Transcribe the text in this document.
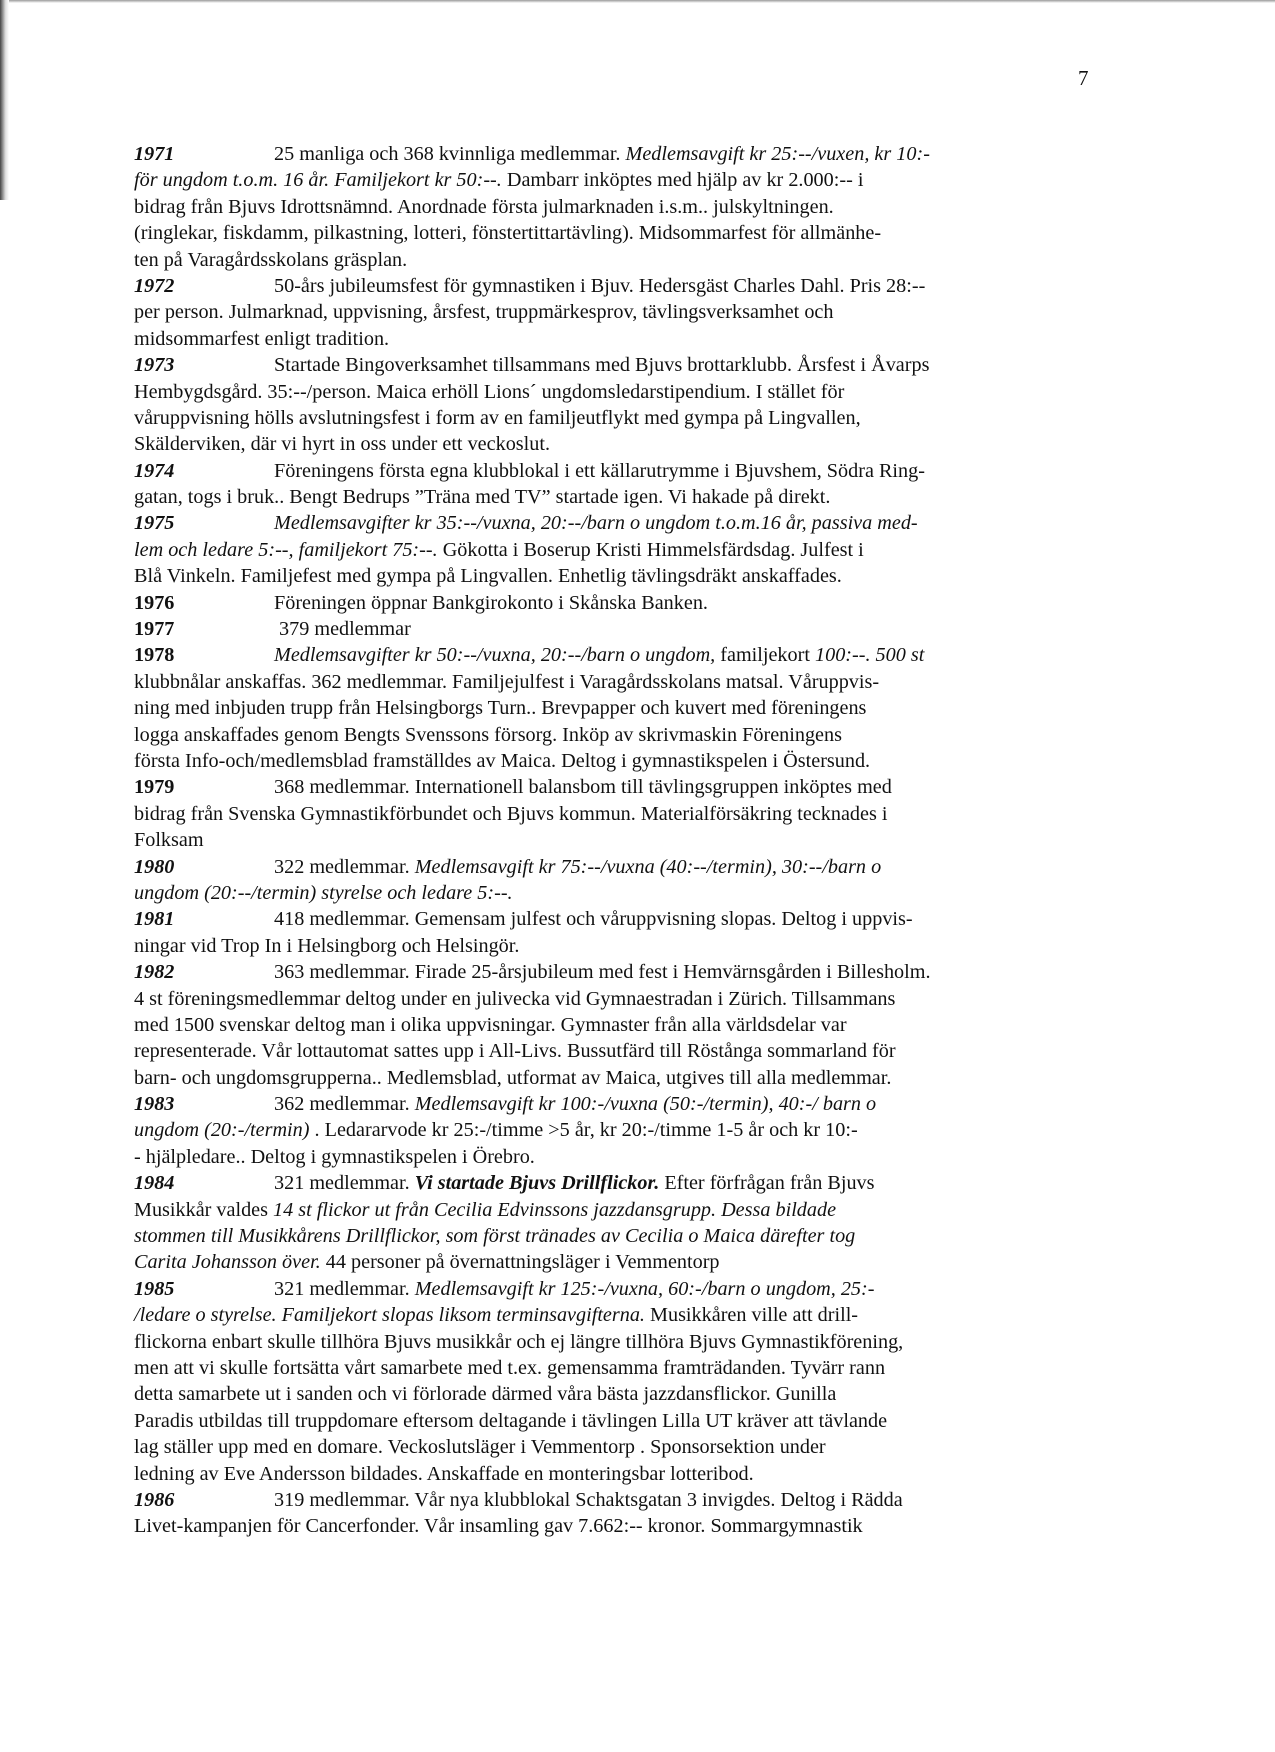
7
1971	25 manliga och 368 kvinnliga medlemmar. Medlemsavgift kr 25:--/vuxen, kr 10:-
för ungdom t.o.m. 16 år. Familjekort kr 50:--. Dambarr inköptes med hjälp av kr 2.000:-- i
bidrag från Bjuvs Idrottsnämnd. Anordnade första julmarknaden i.s.m.. julskyltningen.
(ringlekar, fiskdamm, pilkastning, lotteri, fönstertittartävling). Midsommarfest för allmänhe-
ten på Varagårdsskolans gräsplan.
1972	50-års jubileumsfest för gymnastiken i Bjuv. Hedersgäst Charles Dahl. Pris 28:--
per person. Julmarknad, uppvisning, årsfest, truppmärkesprov, tävlingsverksamhet och
midsommarfest enligt tradition.
1973	Startade Bingoverksamhet tillsammans med Bjuvs brottarklubb. Årsfest i Åvarps
Hembygdsgård. 35:--/person. Maica erhöll Lions´ ungdomsledarstipendium. I stället för
våruppvisning hölls avslutningsfest i form av en familjeutflykt med gympa på Lingvallen,
Skälderviken, där vi hyrt in oss under ett veckoslut.
1974	Föreningens första egna klubblokal i ett källarutrymme i Bjuvshem, Södra Ring-
gatan, togs i bruk.. Bengt Bedrups ”Träna med TV” startade igen. Vi hakade på direkt.
1975	Medlemsavgifter kr 35:--/vuxna, 20:--/barn o ungdom t.o.m.16 år, passiva med-
lem och ledare 5:--, familjekort 75:--. Gökotta i Boserup Kristi Himmelsfärdsdag. Julfest i
Blå Vinkeln. Familjefest med gympa på Lingvallen. Enhetlig tävlingsdräkt anskaffades.
1976	Föreningen öppnar Bankgirokonto i Skånska Banken.
1977	379 medlemmar
1978	Medlemsavgifter kr 50:--/vuxna, 20:--/barn o ungdom, familjekort 100:--. 500 st
klubbnålar anskaffas. 362 medlemmar. Familjejulfest i Varagårdsskolans matsal. Våruppvis-
ning med inbjuden trupp från Helsingborgs Turn.. Brevpapper och kuvert med föreningens
logga anskaffades genom Bengts Svenssons försorg. Inköp av skrivmaskin Föreningens
första Info-och/medlemsblad framställdes av Maica. Deltog i gymnastikspelen i Östersund.
1979	368 medlemmar. Internationell balansbom till tävlingsgruppen inköptes med
bidrag från Svenska Gymnastikförbundet och Bjuvs kommun. Materialförsäkring tecknades i
Folksam
1980	322 medlemmar. Medlemsavgift kr 75:--/vuxna (40:--/termin), 30:--/barn o
ungdom (20:--/termin) styrelse och ledare 5:--.
1981	418 medlemmar. Gemensam julfest och våruppvisning slopas. Deltog i uppvis-
ningar vid Trop In i Helsingborg och Helsingör.
1982	363 medlemmar. Firade 25-årsjubileum med fest i Hemvärnsgården i Billesholm.
4 st föreningsmedlemmar deltog under en julivecka vid Gymnaestradan i Zürich. Tillsammans
med 1500 svenskar deltog man i olika uppvisningar. Gymnaster från alla världsdelar var
representerade. Vår lottautomat sattes upp i All-Livs. Bussutfärd till Röstånga sommarland för
barn- och ungdomsgrupperna.. Medlemsblad, utformat av Maica, utgives till alla medlemmar.
1983	362 medlemmar. Medlemsavgift kr 100:-/vuxna (50:-/termin), 40:-/ barn o
ungdom (20:-/termin) . Ledararvode kr 25:-/timme >5 år, kr 20:-/timme 1-5 år och kr 10:-
- hjälpledare.. Deltog i gymnastikspelen i Örebro.
1984	321 medlemmar. Vi startade Bjuvs Drillflickor. Efter förfrågan från Bjuvs
Musikkår valdes 14 st flickor ut från Cecilia Edvinssons jazzdansgrupp. Dessa bildade
stommen till Musikkårens Drillflickor, som först tränades av Cecilia o Maica därefter tog
Carita Johansson över. 44 personer på övernattningsläger i Vemmentorp
1985	321 medlemmar. Medlemsavgift kr 125:-/vuxna, 60:-/barn o ungdom, 25:-
/ledare o styrelse. Familjekort slopas liksom terminsavgifterna. Musikkåren ville att drill-
flickorna enbart skulle tillhöra Bjuvs musikkår och ej längre tillhöra Bjuvs Gymnastikförening,
men att vi skulle fortsätta vårt samarbete med t.ex. gemensamma framträdanden. Tyvärr rann
detta samarbete ut i sanden och vi förlorade därmed våra bästa jazzdansflickor. Gunilla
Paradis utbildas till truppdomare eftersom deltagande i tävlingen Lilla UT kräver att tävlande
lag ställer upp med en domare. Veckoslutsläger i Vemmentorp . Sponsorsektion under
ledning av Eve Andersson bildades. Anskaffade en monteringsbar lotteribod.
1986	319 medlemmar. Vår nya klubblokal Schaktsgatan 3 invigdes. Deltog i Rädda
Livet-kampanjen för Cancerfonder. Vår insamling gav 7.662:-- kronor. Sommargymnastik
